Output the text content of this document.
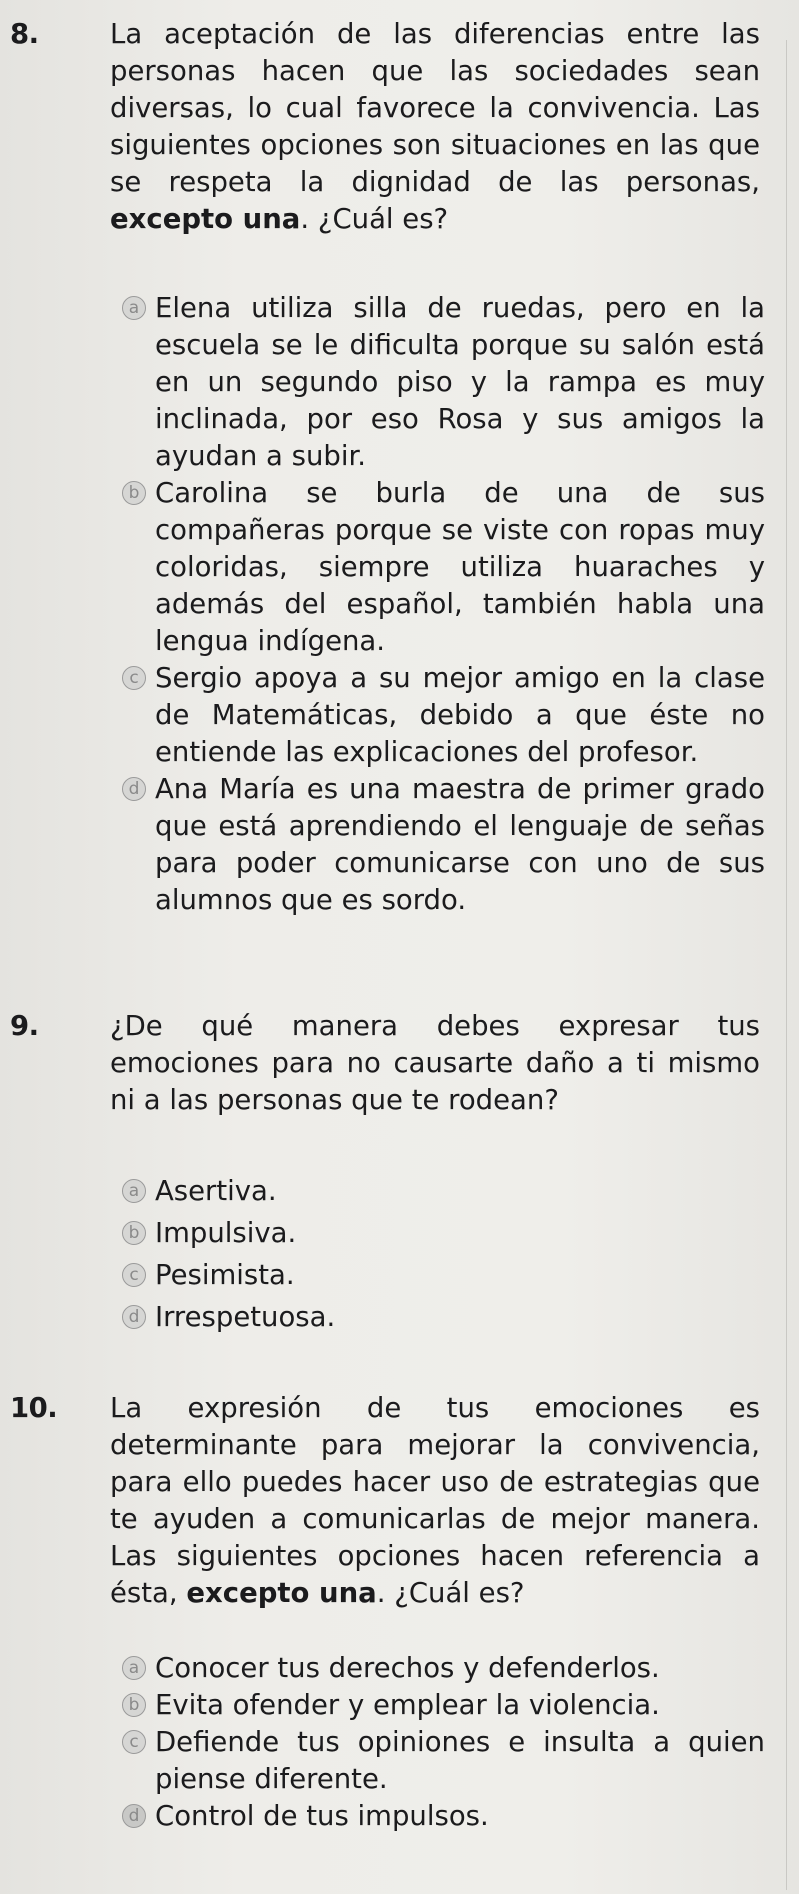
8.	La aceptación de las diferencias entre las personas hacen que las sociedades sean diversas, lo cual favorece la convivencia. Las siguientes opciones son situaciones en las que se respeta la dignidad de las personas, excepto una. ¿Cuál es?

a Elena utiliza silla de ruedas, pero en la escuela se le dificulta porque su salón está en un segundo piso y la rampa es muy inclinada, por eso Rosa y sus amigos la ayudan a subir.

b Carolina se burla de una de sus compañeras porque se viste con ropas muy coloridas, siempre utiliza huaraches y además del español, también habla una lengua indígena.

c Sergio apoya a su mejor amigo en la clase de Matemáticas, debido a que éste no entiende las explicaciones del profesor.

d Ana María es una maestra de primer grado que está aprendiendo el lenguaje de señas para poder comunicarse con uno de sus alumnos que es sordo.

9.	¿De qué manera debes expresar tus emociones para no causarte daño a ti mismo ni a las personas que te rodean?

a Asertiva.

b Impulsiva.

c Pesimista.

d Irrespetuosa.

10. La expresión de tus emociones es determinante para mejorar la convivencia, para ello puedes hacer uso de estrategias que te ayuden a comunicarlas de mejor manera. Las siguientes opciones hacen referencia a ésta, excepto una. ¿Cuál es?

a Conocer tus derechos y defenderlos.

b Evita ofender y emplear la violencia.

c Defiende tus opiniones e insulta a quien piense diferente.

d Control de tus impulsos.
